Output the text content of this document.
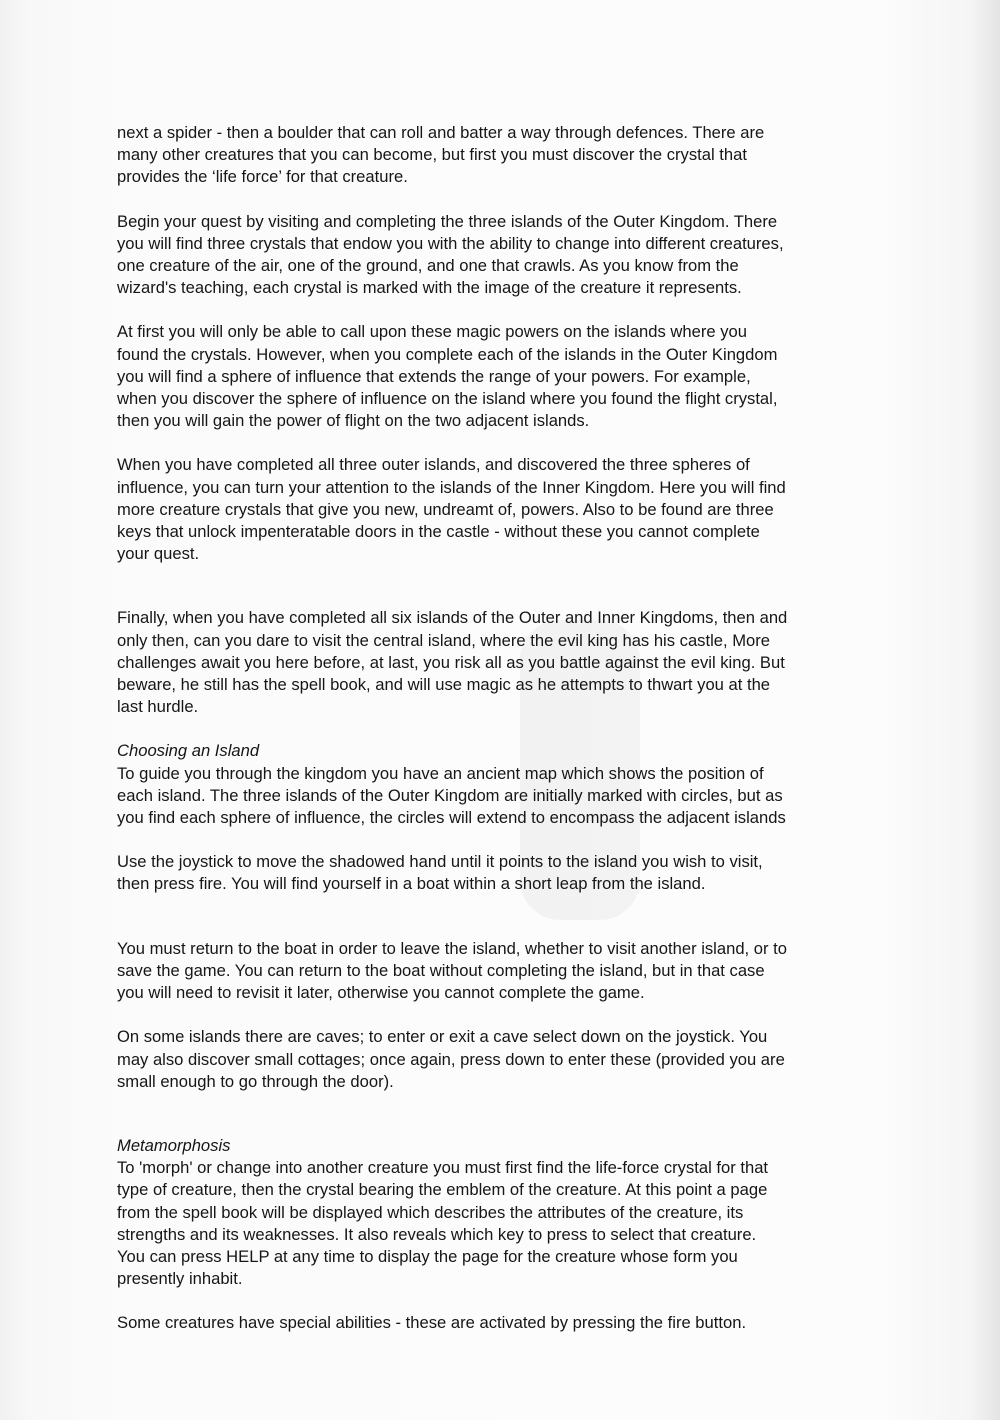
next a spider - then a boulder that can roll and batter a way through defences. There are
many other creatures that you can become, but first you must discover the crystal that
provides the ‘life force’ for that creature.

Begin your quest by visiting and completing the three islands of the Outer Kingdom. There
you will find three crystals that endow you with the ability to change into different creatures,
one creature of the air, one of the ground, and one that crawls. As you know from the
wizard's teaching, each crystal is marked with the image of the creature it represents.

At first you will only be able to call upon these magic powers on the islands where you
found the crystals. However, when you complete each of the islands in the Outer Kingdom
you will find a sphere of influence that extends the range of your powers. For example,
when you discover the sphere of influence on the island where you found the flight crystal,
then you will gain the power of flight on the two adjacent islands.

When you have completed all three outer islands, and discovered the three spheres of
influence, you can turn your attention to the islands of the Inner Kingdom. Here you will find
more creature crystals that give you new, undreamt of, powers. Also to be found are three
keys that unlock impenteratable doors in the castle - without these you cannot complete
your quest.

Finally, when you have completed all six islands of the Outer and Inner Kingdoms, then and
only then, can you dare to visit the central island, where the evil king has his castle, More
challenges await you here before, at last, you risk all as you battle against the evil king. But
beware, he still has the spell book, and will use magic as he attempts to thwart you at the
last hurdle.

Choosing an Island

To guide you through the kingdom you have an ancient map which shows the position of
each island. The three islands of the Outer Kingdom are initially marked with circles, but as
you find each sphere of influence, the circles will extend to encompass the adjacent islands

Use the joystick to move the shadowed hand until it points to the island you wish to visit,
then press fire. You will find yourself in a boat within a short leap from the island.

You must return to the boat in order to leave the island, whether to visit another island, or to
save the game. You can return to the boat without completing the island, but in that case
you will need to revisit it later, otherwise you cannot complete the game.

On some islands there are caves; to enter or exit a cave select down on the joystick. You
may also discover small cottages; once again, press down to enter these (provided you are
small enough to go through the door).

Metamorphosis

To 'morph' or change into another creature you must first find the life-force crystal for that
type of creature, then the crystal bearing the emblem of the creature. At this point a page
from the spell book will be displayed which describes the attributes of the creature, its
strengths and its weaknesses. It also reveals which key to press to select that creature.
You can press HELP at any time to display the page for the creature whose form you
presently inhabit.

Some creatures have special abilities - these are activated by pressing the fire button.
